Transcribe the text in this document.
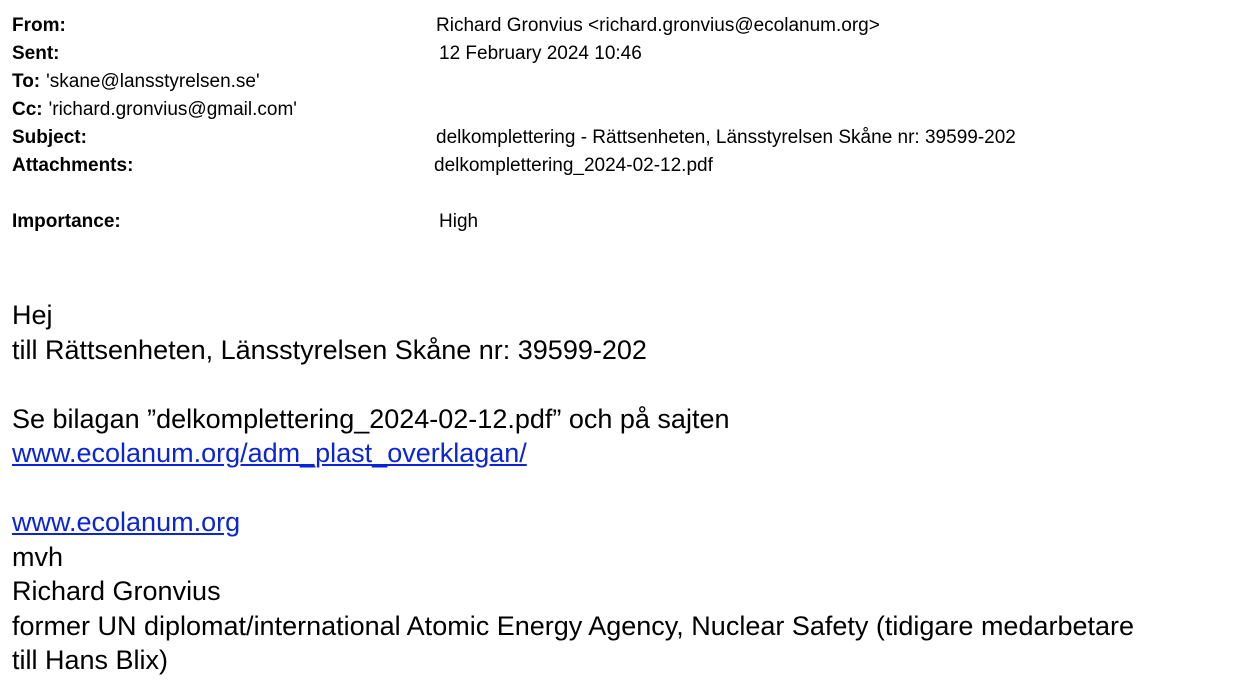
From:	Richard Gronvius <richard.gronvius@ecolanum.org>
Sent:	12 February 2024 10:46
To: 'skane@lansstyrelsen.se'
Cc: 'richard.gronvius@gmail.com'
Subject:	delkomplettering - Rättsenheten, Länsstyrelsen Skåne nr: 39599-202
Attachments:	delkomplettering_2024-02-12.pdf
Importance:	High

Hej

till Rättsenheten, Länsstyrelsen Skåne nr: 39599-202

Se bilagan ”delkomplettering_2024-02-12.pdf” och på sajten

www.ecolanum.org/adm_plast_overklagan/

www.ecolanum.org

mvh

Richard Gronvius

former UN diplomat/international Atomic Energy Agency, Nuclear Safety (tidigare medarbetare

till Hans Blix)
